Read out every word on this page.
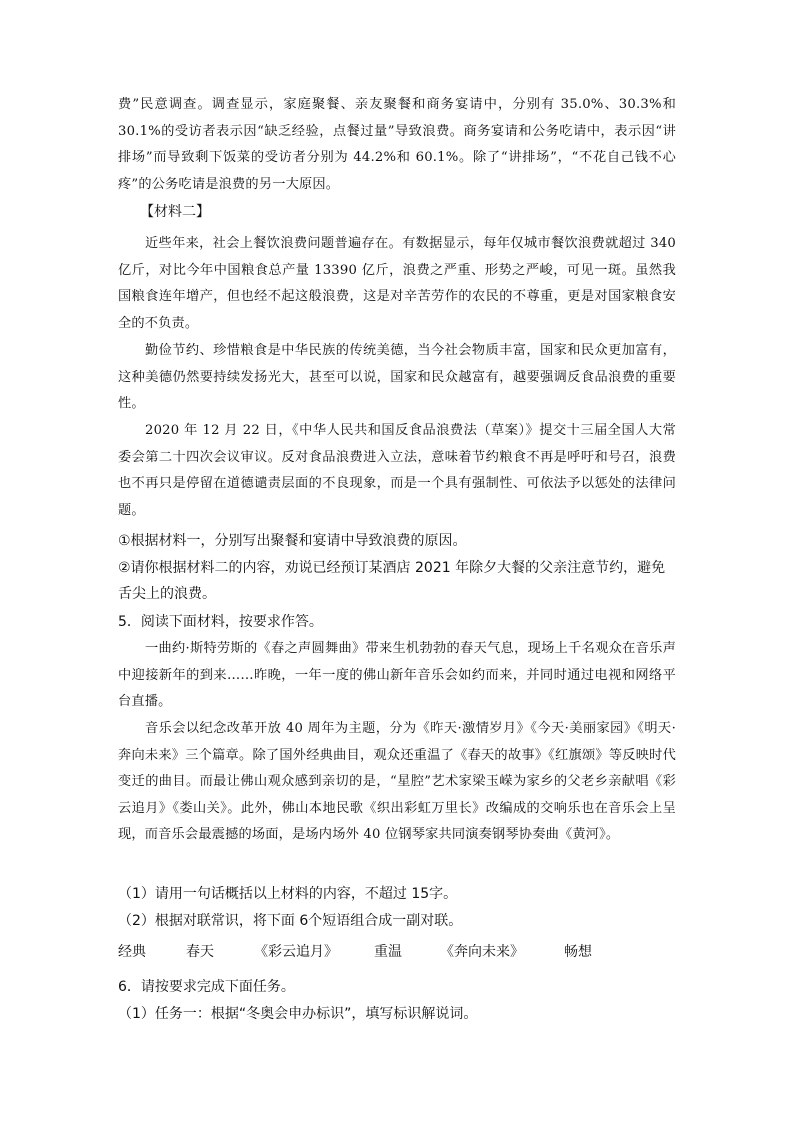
费”民意调查。调查显示，家庭聚餐、亲友聚餐和商务宴请中，分别有 35.0%、30.3%和 30.1%的受访者表示因“缺乏经验，点餐过量”导致浪费。商务宴请和公务吃请中，表示因“讲排场”而导致剩下饭菜的受访者分别为 44.2%和 60.1%。除了“讲排场”，“不花自己钱不心疼”的公务吃请是浪费的另一大原因。
【材料二】
近些年来，社会上餐饮浪费问题普遍存在。有数据显示，每年仅城市餐饮浪费就超过 340 亿斤，对比今年中国粮食总产量 13390 亿斤，浪费之严重、形势之严峻，可见一斑。虽然我国粮食连年增产，但也经不起这般浪费，这是对辛苦劳作的农民的不尊重，更是对国家粮食安全的不负责。
勤俭节约、珍惜粮食是中华民族的传统美德，当今社会物质丰富，国家和民众更加富有，这种美德仍然要持续发扬光大，甚至可以说，国家和民众越富有，越要强调反食品浪费的重要性。
2020 年 12 月 22 日，《中华人民共和国反食品浪费法（草案）》提交十三届全国人大常委会第二十四次会议审议。反对食品浪费进入立法，意味着节约粮食不再是呼吁和号召，浪费也不再只是停留在道德谴责层面的不良现象，而是一个具有强制性、可依法予以惩处的法律问题。
①根据材料一，分别写出聚餐和宴请中导致浪费的原因。
②请你根据材料二的内容，劝说已经预订某酒店 2021 年除夕大餐的父亲注意节约，避免舌尖上的浪费。
5．阅读下面材料，按要求作答。
一曲约·斯特劳斯的《春之声圆舞曲》带来生机勃勃的春天气息，现场上千名观众在音乐声中迎接新年的到来……昨晚，一年一度的佛山新年音乐会如约而来，并同时通过电视和网络平台直播。
音乐会以纪念改革开放 40 周年为主题，分为《昨天·激情岁月》《今天·美丽家园》《明天·奔向未来》三个篇章。除了国外经典曲目，观众还重温了《春天的故事》《红旗颂》等反映时代变迁的曲目。而最让佛山观众感到亲切的是，“星腔”艺术家梁玉嵘为家乡的父老乡亲献唱《彩云追月》《娄山关》。此外，佛山本地民歌《织出彩虹万里长》改编成的交响乐也在音乐会上呈现，而音乐会最震撼的场面，是场内场外 40 位钢琴家共同演奏钢琴协奏曲《黄河》。
（1）请用一句话概括以上材料的内容，不超过 15字。
（2）根据对联常识，将下面 6个短语组合成一副对联。
经典	春天	《彩云追月》	重温	《奔向未来》	畅想
6．请按要求完成下面任务。
（1）任务一：根据“冬奥会申办标识”，填写标识解说词。
